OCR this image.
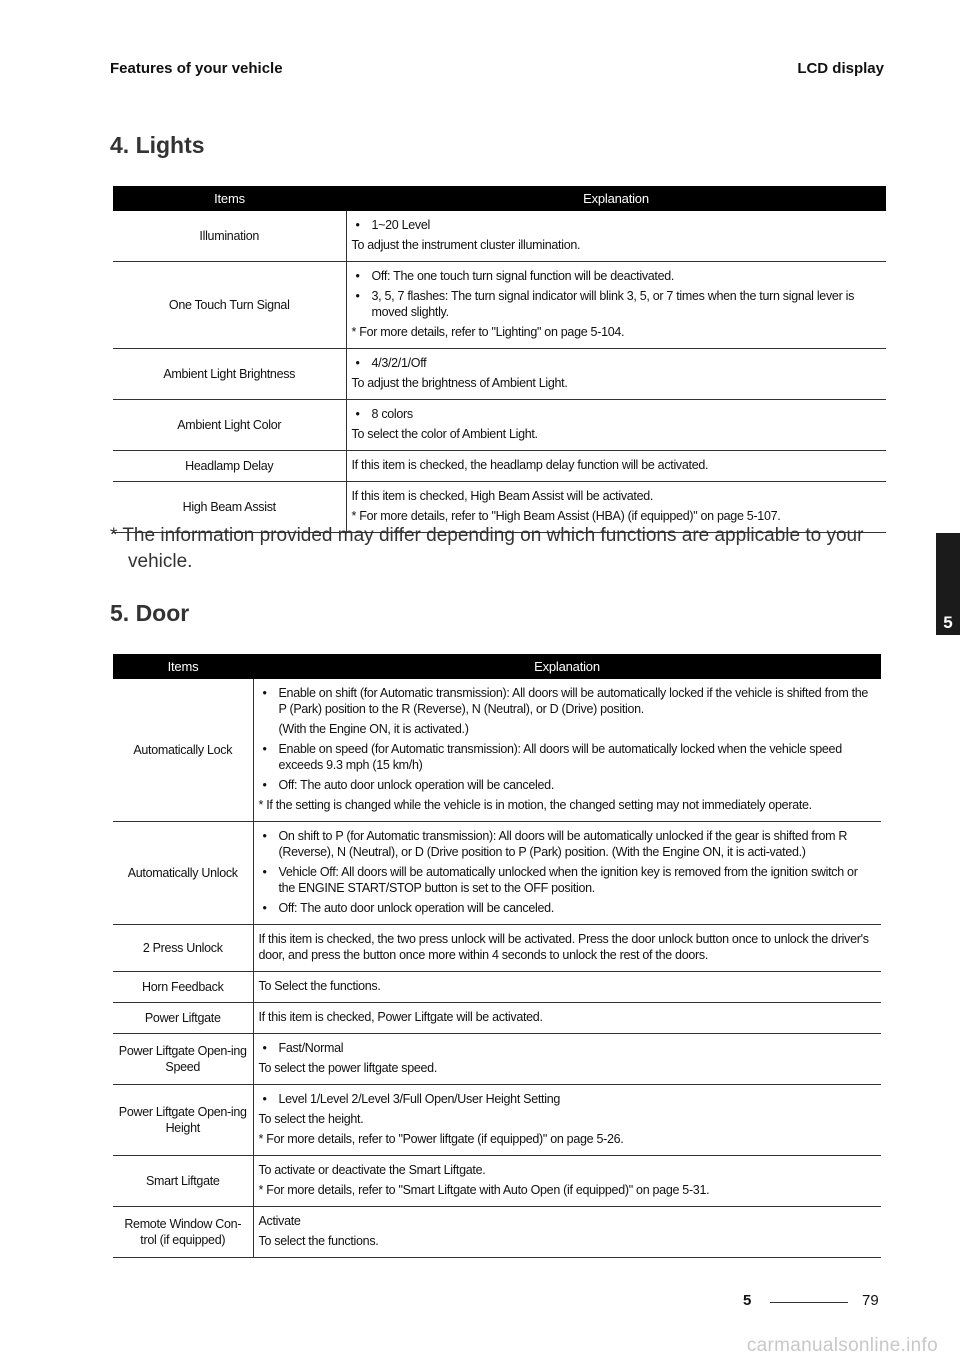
Features of your vehicle	LCD display
4. Lights
Items	Explanation
Illumination	• 1~20 Level
To adjust the instrument cluster illumination.

One Touch Turn Signal	• Off: The one touch turn signal function will be deactivated.
• 3, 5, 7 flashes: The turn signal indicator will blink 3, 5, or 7 times when the turn signal lever is moved slightly.
* For more details, refer to "Lighting" on page 5-104.

Ambient Light Brightness	• 4/3/2/1/Off
To adjust the brightness of Ambient Light.

Ambient Light Color	• 8 colors
To select the color of Ambient Light.

Headlamp Delay	If this item is checked, the headlamp delay function will be activated.

High Beam Assist	If this item is checked, High Beam Assist will be activated.
* For more details, refer to "High Beam Assist (HBA) (if equipped)" on page 5-107.
* The information provided may differ depending on which functions are applicable to your vehicle.
5. Door
Items	Explanation
Automatically Lock	• Enable on shift (for Automatic transmission): All doors will be automatically locked if the vehicle is shifted from the P (Park) position to the R (Reverse), N (Neutral), or D (Drive) position.
(With the Engine ON, it is activated.)
• Enable on speed (for Automatic transmission): All doors will be automatically locked when the vehicle speed exceeds 9.3 mph (15 km/h)
• Off: The auto door unlock operation will be canceled.
* If the setting is changed while the vehicle is in motion, the changed setting may not immediately operate.

Automatically Unlock	• On shift to P (for Automatic transmission): All doors will be automatically unlocked if the gear is shifted from R (Reverse), N (Neutral), or D (Drive position to P (Park) position. (With the Engine ON, it is acti-vated.)
• Vehicle Off: All doors will be automatically unlocked when the ignition key is removed from the ignition switch or the ENGINE START/STOP button is set to the OFF position.
• Off: The auto door unlock operation will be canceled.

2 Press Unlock	If this item is checked, the two press unlock will be activated. Press the door unlock button once to unlock the driver's door, and press the button once more within 4 seconds to unlock the rest of the doors.

Horn Feedback	To Select the functions.

Power Liftgate	If this item is checked, Power Liftgate will be activated.

Power Liftgate Open-ing Speed	• Fast/Normal
To select the power liftgate speed.

Power Liftgate Open-ing Height	• Level 1/Level 2/Level 3/Full Open/User Height Setting
To select the height.
* For more details, refer to "Power liftgate (if equipped)" on page 5-26.

Smart Liftgate	To activate or deactivate the Smart Liftgate.
* For more details, refer to "Smart Liftgate with Auto Open (if equipped)" on page 5-31.

Remote Window Con-trol (if equipped)	Activate
To select the functions.
5
5	79
carmanualsonline.info
